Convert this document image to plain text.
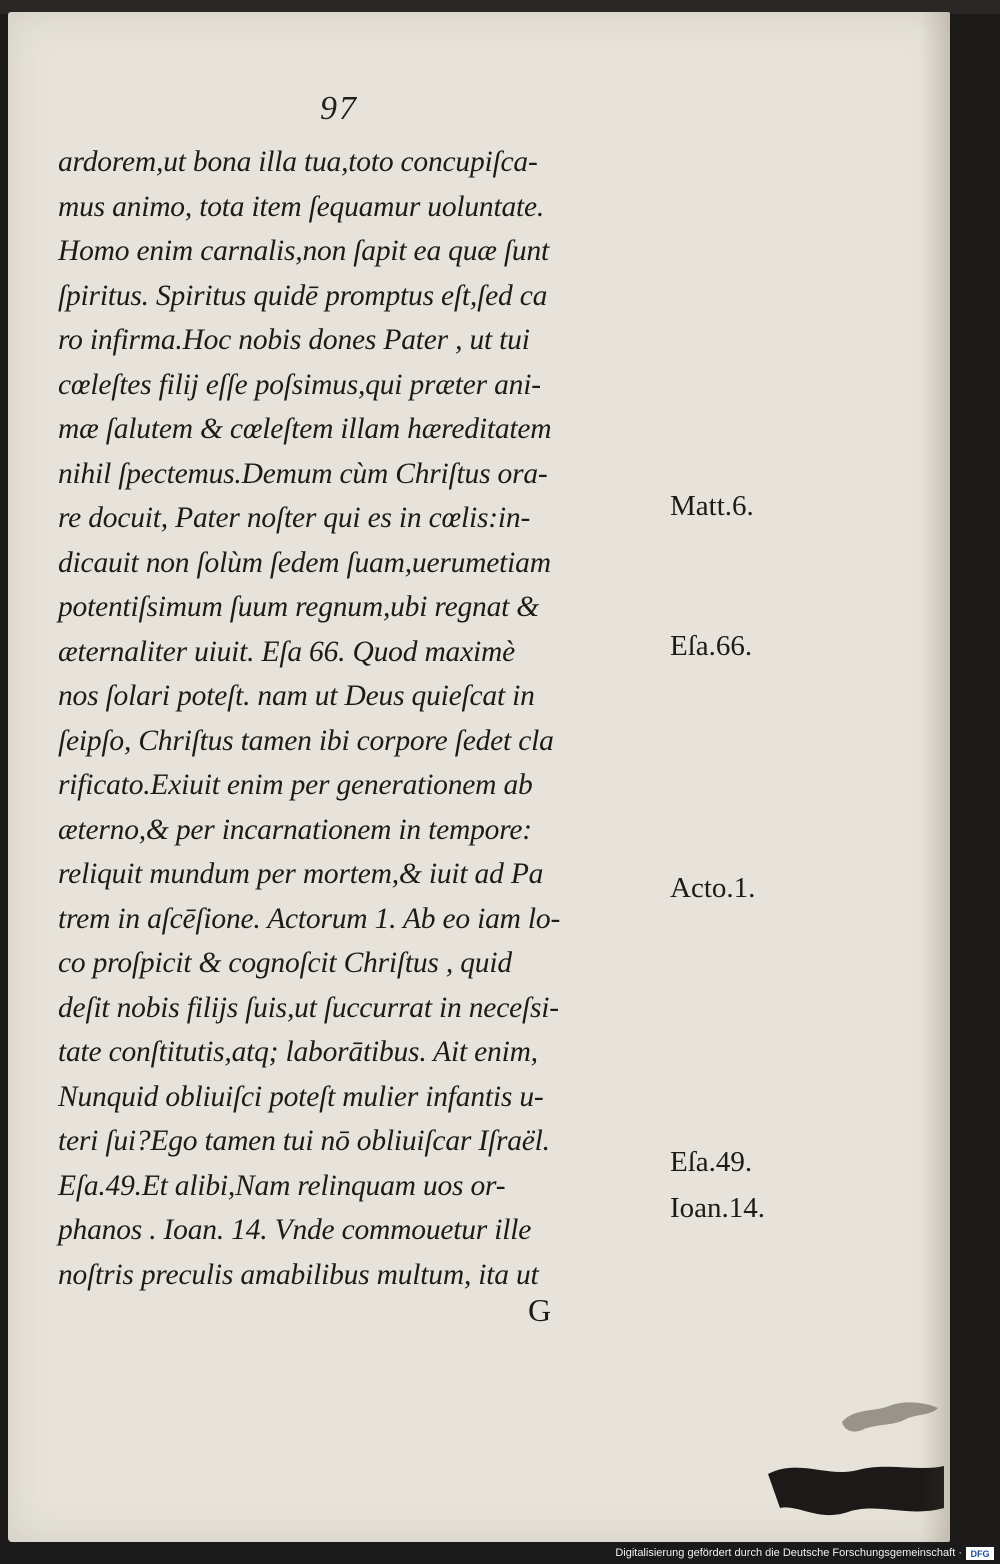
97
ardorem,ut bona illa tua,toto concupiſca-
mus animo, tota item ſequamur uoluntate.
Homo enim carnalis,non ſapit ea quæ ſunt
ſpiritus. Spiritus quidē promptus eſt,ſed ca
ro infirma.Hoc nobis dones Pater , ut tui
cœleſtes filij eſſe poſsimus,qui præter ani-
mæ ſalutem & cœleſtem illam hæreditatem
nihil ſpectemus.Demum cùm Chriſtus ora-
re docuit, Pater noſter qui es in cœlis:in-
dicauit non ſolùm ſedem ſuam,uerumetiam
potentiſsimum ſuum regnum,ubi regnat &
æternaliter uiuit. Eſa 66. Quod maximè
nos ſolari poteſt. nam ut Deus quieſcat in
ſeipſo, Chriſtus tamen ibi corpore ſedet cla
rificato.Exiuit enim per generationem ab
æterno,& per incarnationem in tempore:
reliquit mundum per mortem,& iuit ad Pa
trem in aſcēſione. Actorum 1. Ab eo iam lo-
co proſpicit & cognoſcit Chriſtus , quid
deſit nobis filijs ſuis,ut ſuccurrat in neceſsi-
tate conſtitutis,atq; laborātibus. Ait enim,
Nunquid obliuiſci poteſt mulier infantis u-
teri ſui?Ego tamen tui nō obliuiſcar Iſraël.
Eſa.49.Et alibi,Nam relinquam uos or-
phanos . Ioan. 14. Vnde commouetur ille
noſtris preculis amabilibus multum, ita ut
Matt.6.
Eſa.66.
Acto.1.
Eſa.49.
Ioan.14.
G
Digitalisierung gefördert durch die Deutsche Forschungsgemeinschaft · DFG
